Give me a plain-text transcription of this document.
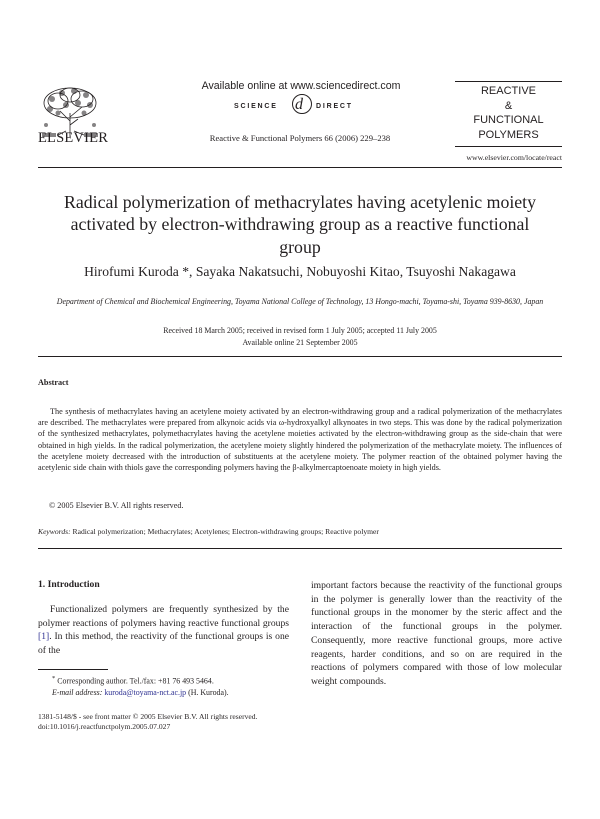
ELSEVIER
Available online at www.sciencedirect.com
SCIENCE d DIRECT
Reactive & Functional Polymers 66 (2006) 229–238
REACTIVE
&
FUNCTIONAL
POLYMERS
www.elsevier.com/locate/react
Radical polymerization of methacrylates having acetylenic moiety activated by electron-withdrawing group as a reactive functional group
Hirofumi Kuroda *, Sayaka Nakatsuchi, Nobuyoshi Kitao, Tsuyoshi Nakagawa
Department of Chemical and Biochemical Engineering, Toyama National College of Technology, 13 Hongo-machi, Toyama-shi, Toyama 939-8630, Japan
Received 18 March 2005; received in revised form 1 July 2005; accepted 11 July 2005
Available online 21 September 2005
Abstract

The synthesis of methacrylates having an acetylene moiety activated by an electron-withdrawing group and a radical polymerization of the methacrylates are described. The methacrylates were prepared from alkynoic acids via ω-hydroxyalkyl alkynoates in two steps. This was done by the radical polymerization of the synthesized methacrylates, polymethacrylates having the acetylene moieties activated by the electron-withdrawing group as the side-chain that were obtained in high yields. In the radical polymerization, the acetylene moiety slightly hindered the polymerization of the methacrylate moiety. The influences of the acetylene moiety decreased with the introduction of substituents at the acetylene moiety. The polymer reaction of the obtained polymer having the acetylenic side chain with thiols gave the corresponding polymers having the β-alkylmercaptoenoate moiety in high yields.

© 2005 Elsevier B.V. All rights reserved.
Keywords: Radical polymerization; Methacrylates; Acetylenes; Electron-withdrawing groups; Reactive polymer
1. Introduction

Functionalized polymers are frequently synthesized by the polymer reactions of polymers having reactive functional groups [1]. In this method, the reactivity of the functional groups is one of the

important factors because the reactivity of the functional groups in the polymer is generally lower than the reactivity of the functional groups in the monomer by the steric affect and the interaction of the functional groups in the polymer. Consequently, more reactive functional groups, more active reagents, harder conditions, and so on are required in the reactions of polymers compared with those of low molecular weight compounds.

* Corresponding author. Tel./fax: +81 76 493 5464.
E-mail address: kuroda@toyama-nct.ac.jp (H. Kuroda).
1381-5148/$ - see front matter © 2005 Elsevier B.V. All rights reserved.
doi:10.1016/j.reactfunctpolym.2005.07.027
